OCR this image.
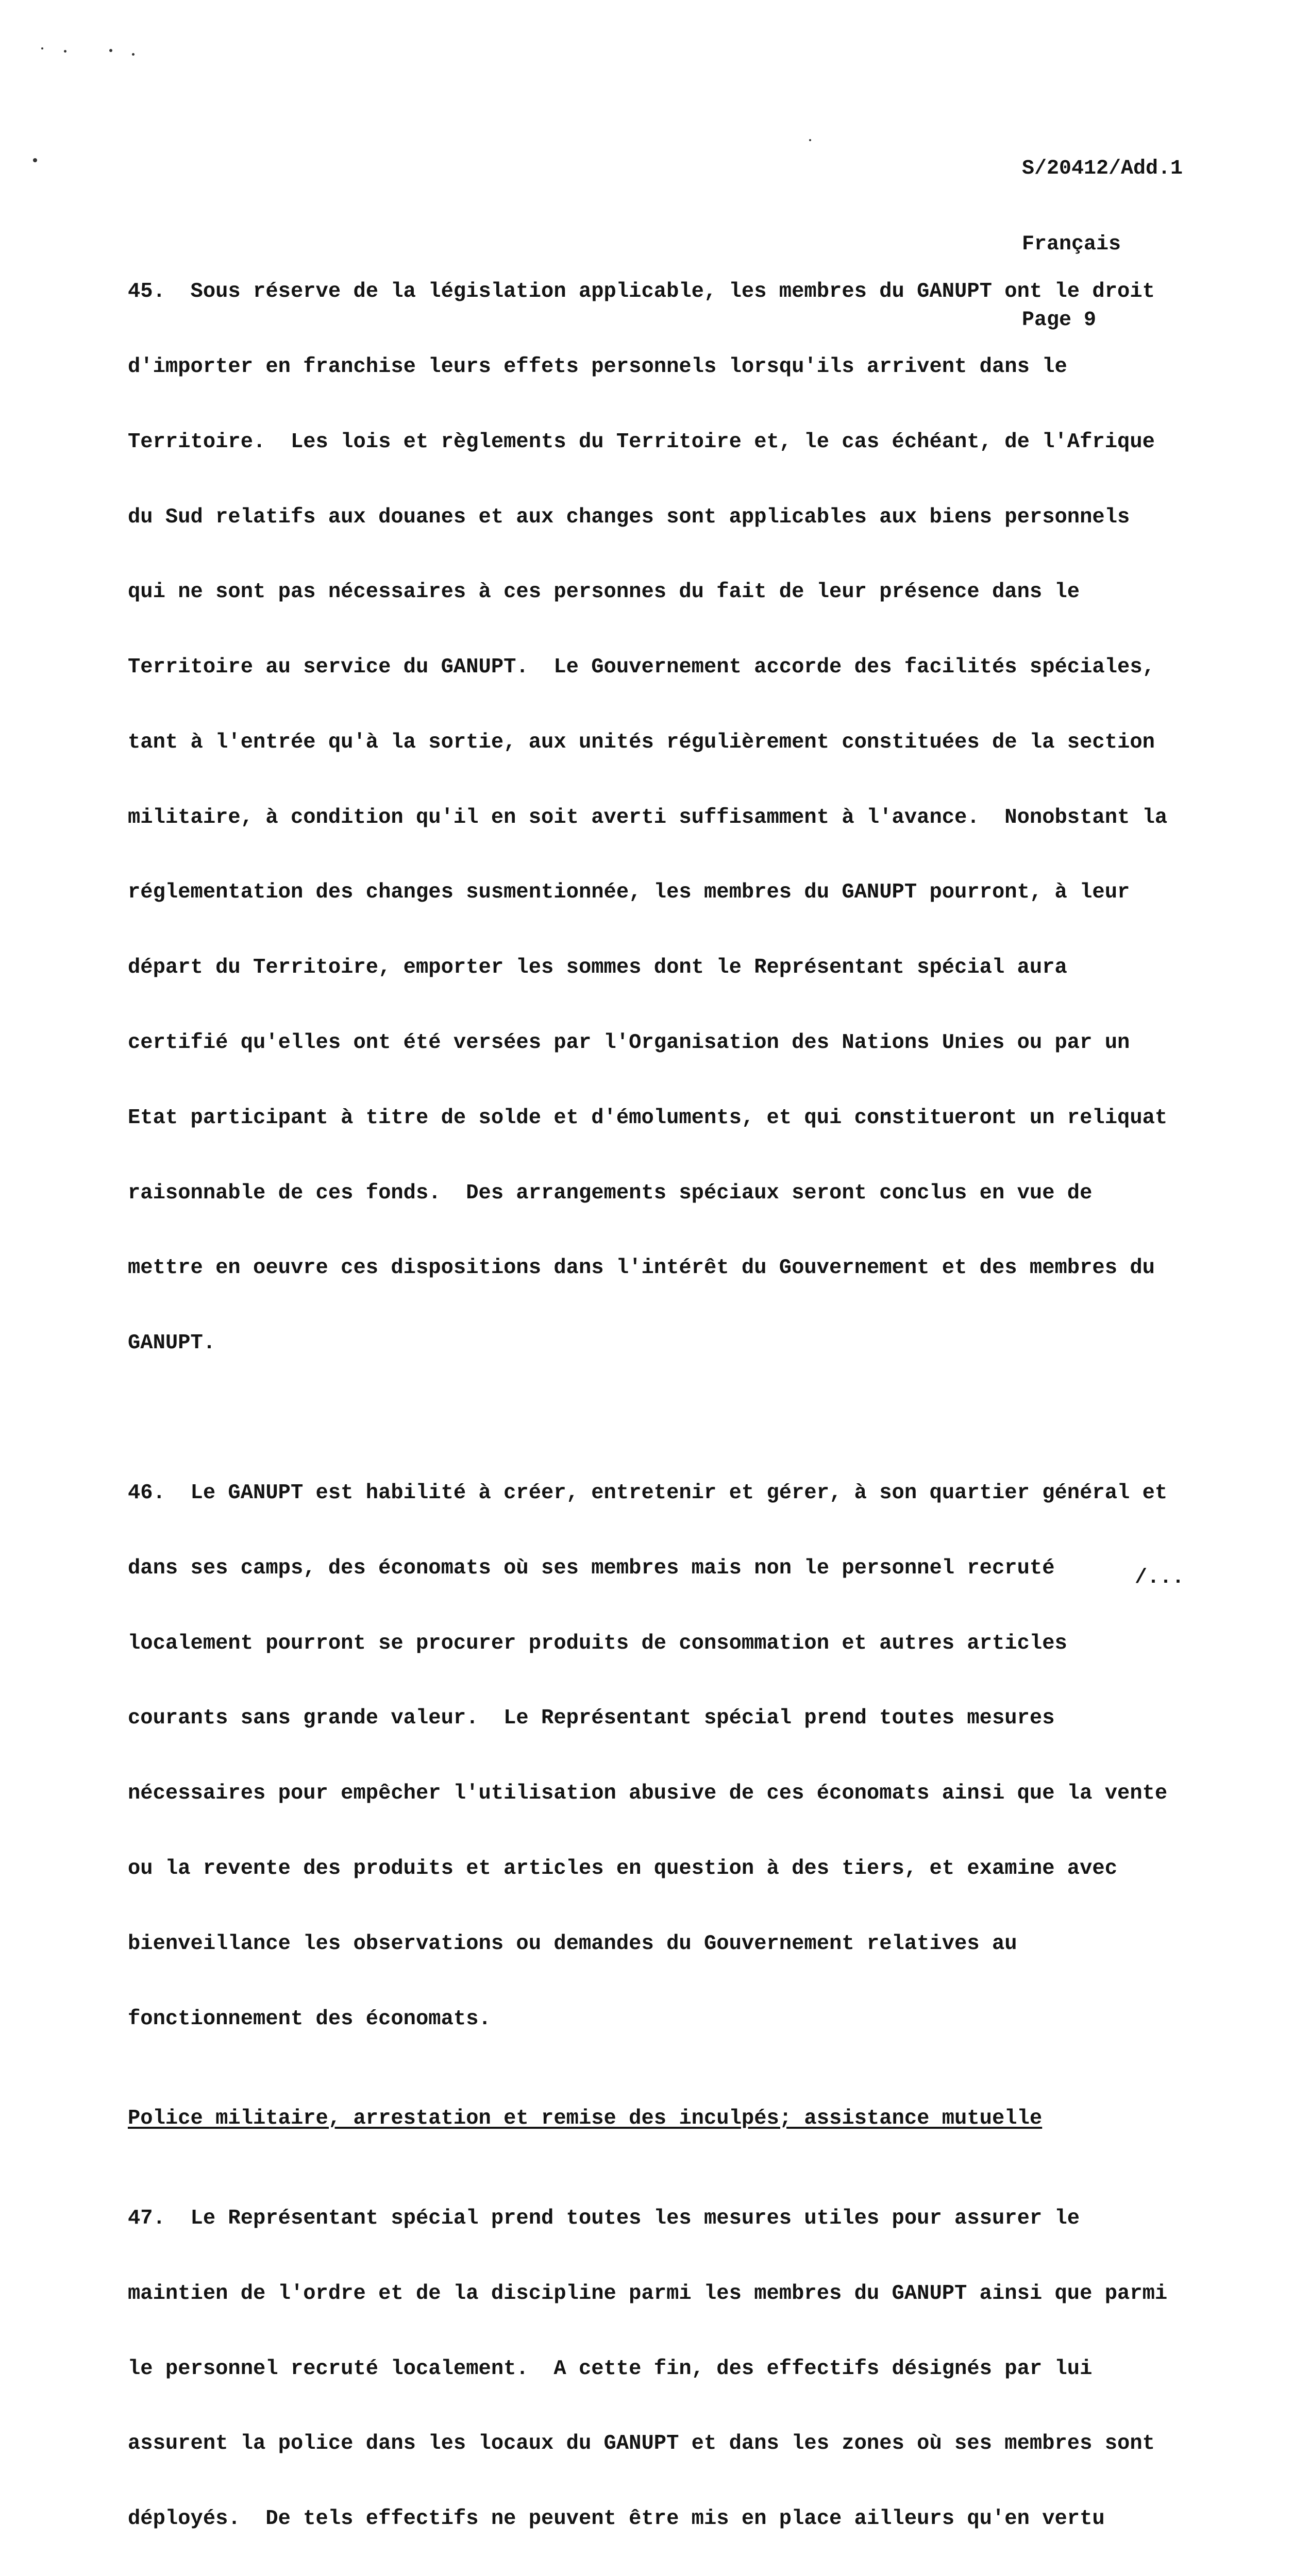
S/20412/Add.1

Français

Page 9

45.  Sous réserve de la législation applicable, les membres du GANUPT ont le droit

d'importer en franchise leurs effets personnels lorsqu'ils arrivent dans le

Territoire.  Les lois et règlements du Territoire et, le cas échéant, de l'Afrique

du Sud relatifs aux douanes et aux changes sont applicables aux biens personnels

qui ne sont pas nécessaires à ces personnes du fait de leur présence dans le

Territoire au service du GANUPT.  Le Gouvernement accorde des facilités spéciales,

tant à l'entrée qu'à la sortie, aux unités régulièrement constituées de la section

militaire, à condition qu'il en soit averti suffisamment à l'avance.  Nonobstant la

réglementation des changes susmentionnée, les membres du GANUPT pourront, à leur

départ du Territoire, emporter les sommes dont le Représentant spécial aura

certifié qu'elles ont été versées par l'Organisation des Nations Unies ou par un

Etat participant à titre de solde et d'émoluments, et qui constitueront un reliquat

raisonnable de ces fonds.  Des arrangements spéciaux seront conclus en vue de

mettre en oeuvre ces dispositions dans l'intérêt du Gouvernement et des membres du

GANUPT.

46.  Le GANUPT est habilité à créer, entretenir et gérer, à son quartier général et

dans ses camps, des économats où ses membres mais non le personnel recruté

localement pourront se procurer produits de consommation et autres articles

courants sans grande valeur.  Le Représentant spécial prend toutes mesures

nécessaires pour empêcher l'utilisation abusive de ces économats ainsi que la vente

ou la revente des produits et articles en question à des tiers, et examine avec

bienveillance les observations ou demandes du Gouvernement relatives au

fonctionnement des économats.

Police militaire, arrestation et remise des inculpés; assistance mutuelle

47.  Le Représentant spécial prend toutes les mesures utiles pour assurer le

maintien de l'ordre et de la discipline parmi les membres du GANUPT ainsi que parmi

le personnel recruté localement.  A cette fin, des effectifs désignés par lui

assurent la police dans les locaux du GANUPT et dans les zones où ses membres sont

déployés.  De tels effectifs ne peuvent être mis en place ailleurs qu'en vertu

/...
